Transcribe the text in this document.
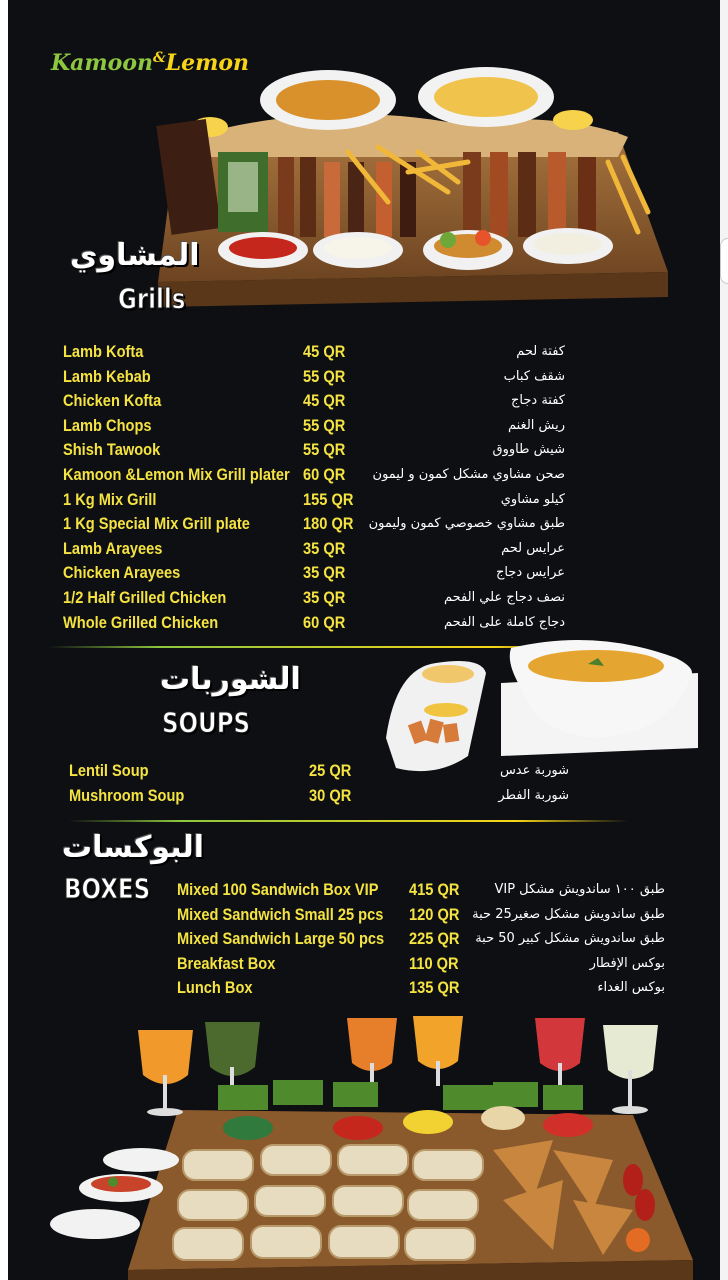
Kamoon&Lemon
المشاوي
Grills
Lamb Kofta	45 QR	كفتة لحم
Lamb Kebab	55 QR	شقف كباب
Chicken Kofta	45 QR	كفتة دجاج
Lamb Chops	55 QR	ريش الغنم
Shish Tawook	55 QR	شيش طاووق
Kamoon &Lemon Mix Grill plater 60 QR صحن مشاوي مشكل كمون و ليمون
1 Kg Mix Grill	155 QR	كيلو مشاوي
1 Kg Special Mix Grill plate	180 QR طبق مشاوي خصوصي كمون وليمون
Lamb Arayees	35 QR	عرايس لحم
Chicken Arayees	35 QR	عرايس دجاج
1/2 Half Grilled Chicken	35 QR	نصف دجاج علي الفحم
Whole Grilled Chicken	60 QR	دجاج كاملة على الفحم
الشوربات
SOUPS
Lentil Soup	25 QR	شوربة عدس
Mushroom Soup	30 QR	شوربة الفطر
البوكسات
BOXES Mixed 100 Sandwich Box VIP 415 QR	طبق ١٠٠ ساندويش مشكل VIP
Mixed Sandwich Small 25 pcs 120 QR طبق ساندويش مشكل صغير25 حبة
Mixed Sandwich Large 50 pcs 225 QR طبق ساندويش مشكل كبير 50 حبة
Breakfast Box	110 QR	بوكس الإفطار
Lunch Box	135 QR	بوكس الغداء
